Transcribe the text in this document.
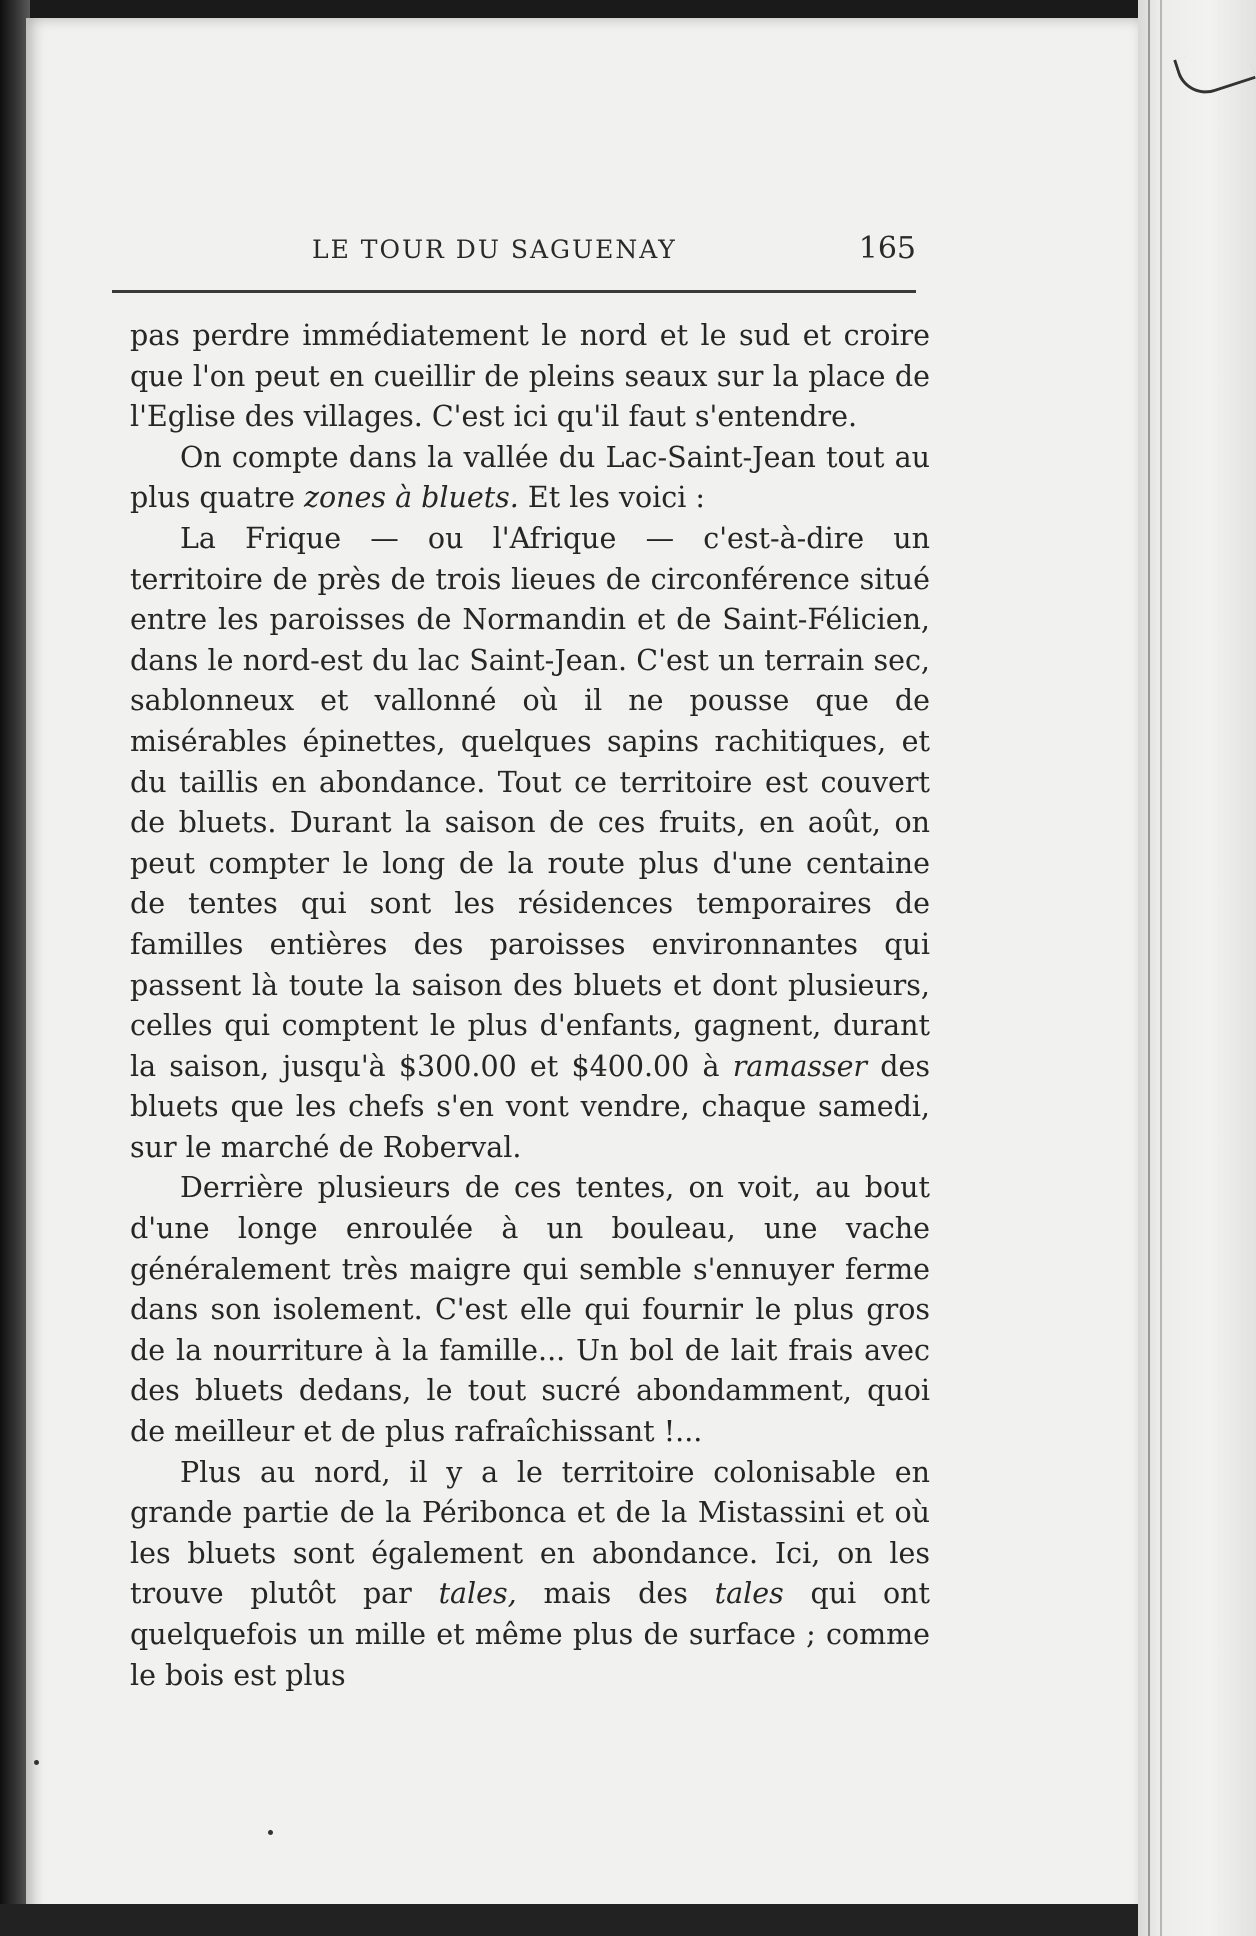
LE TOUR DU SAGUENAY	165

pas perdre immédiatement le nord et le sud et croire que l'on peut en cueillir de pleins seaux sur la place de l'Eglise des villages. C'est ici qu'il faut s'entendre.

On compte dans la vallée du Lac-Saint-Jean tout au plus quatre zones à bluets. Et les voici :

La Frique — ou l'Afrique — c'est-à-dire un territoire de près de trois lieues de circonférence situé entre les paroisses de Normandin et de Saint-Félicien, dans le nord-est du lac Saint-Jean. C'est un terrain sec, sablonneux et vallonné où il ne pousse que de misérables épinettes, quelques sapins rachitiques, et du taillis en abondance. Tout ce territoire est couvert de bluets. Durant la saison de ces fruits, en août, on peut compter le long de la route plus d'une centaine de tentes qui sont les résidences temporaires de familles entières des paroisses environnantes qui passent là toute la saison des bluets et dont plusieurs, celles qui comptent le plus d'enfants, gagnent, durant la saison, jusqu'à $300.00 et $400.00 à ramasser des bluets que les chefs s'en vont vendre, chaque samedi, sur le marché de Roberval.

Derrière plusieurs de ces tentes, on voit, au bout d'une longe enroulée à un bouleau, une vache généralement très maigre qui semble s'ennuyer ferme dans son isolement. C'est elle qui fournir le plus gros de la nourriture à la famille... Un bol de lait frais avec des bluets dedans, le tout sucré abondamment, quoi de meilleur et de plus rafraîchissant !...

Plus au nord, il y a le territoire colonisable en grande partie de la Péribonca et de la Mistassini et où les bluets sont également en abondance. Ici, on les trouve plutôt par tales, mais des tales qui ont quelquefois un mille et même plus de surface ; comme le bois est plus
